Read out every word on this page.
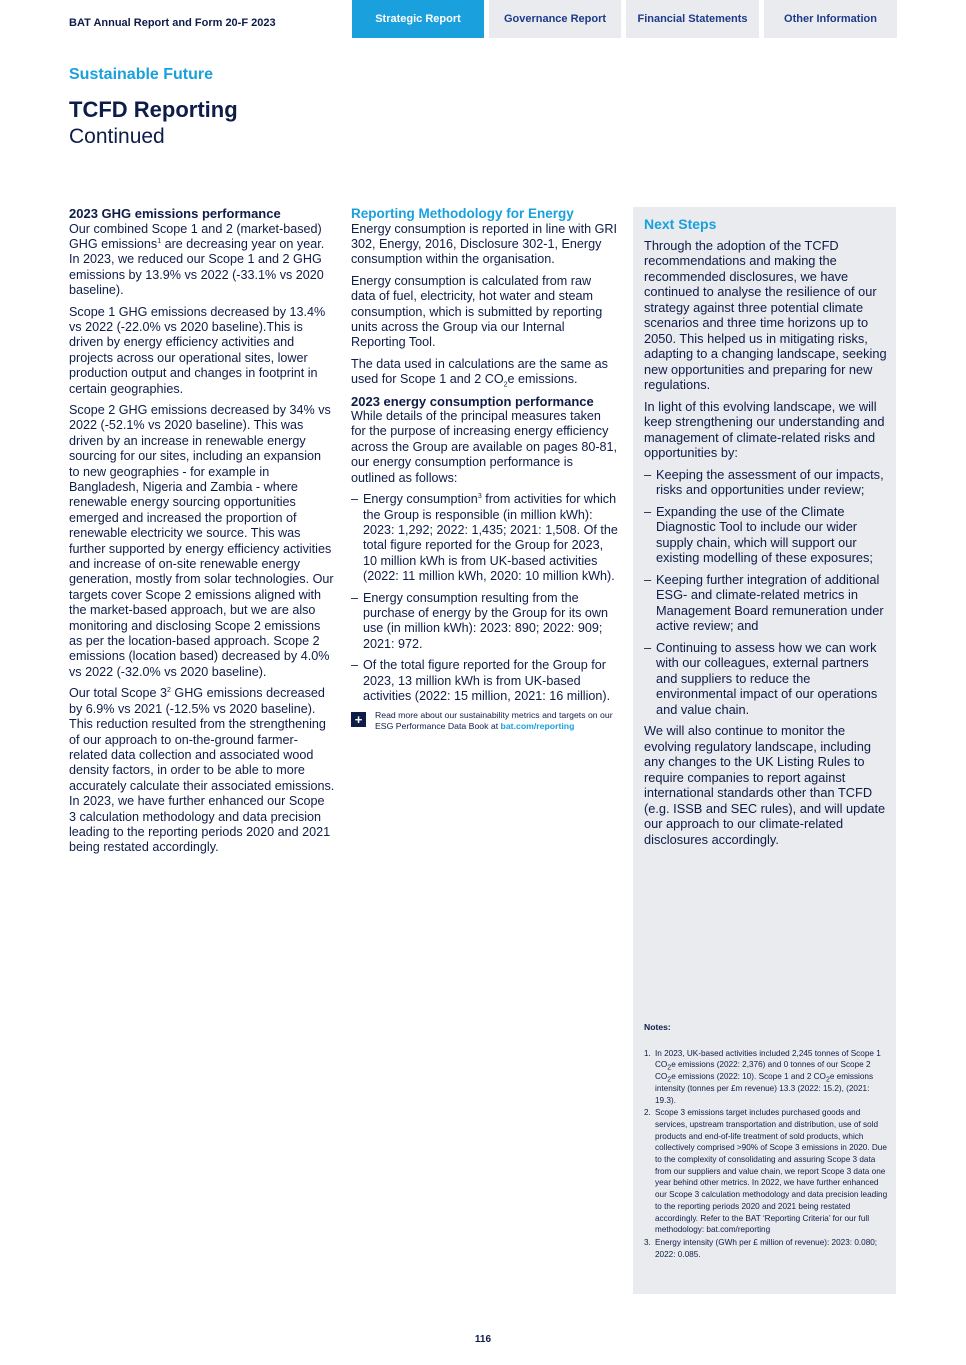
BAT Annual Report and Form 20-F 2023	Strategic Report	Governance Report	Financial Statements	Other Information
Sustainable Future
TCFD Reporting
Continued
2023 GHG emissions performance

Our combined Scope 1 and 2 (market-based) GHG emissions$^1$ are decreasing year on year. In 2023, we reduced our Scope 1 and 2 GHG emissions by 13.9% vs 2022 (-33.1% vs 2020 baseline).

Scope 1 GHG emissions decreased by 13.4% vs 2022 (-22.0% vs 2020 baseline).This is driven by energy efficiency activities and projects across our operational sites, lower production output and changes in footprint in certain geographies.

Scope 2 GHG emissions decreased by 34% vs 2022 (-52.1% vs 2020 baseline). This was driven by an increase in renewable energy sourcing for our sites, including an expansion to new geographies - for example in Bangladesh, Nigeria and Zambia - where renewable energy sourcing opportunities emerged and increased the proportion of renewable electricity we source. This was further supported by energy efficiency activities and increase of on-site renewable energy generation, mostly from solar technologies. Our targets cover Scope 2 emissions aligned with the market-based approach, but we are also monitoring and disclosing Scope 2 emissions as per the location-based approach. Scope 2 emissions (location based) decreased by 4.0% vs 2022 (-32.0% vs 2020 baseline).

Our total Scope $3^2$ GHG emissions decreased by 6.9% vs 2021 (-12.5% vs 2020 baseline). This reduction resulted from the strengthening of our approach to on-the-ground farmer-related data collection and associated wood density factors, in order to be able to more accurately calculate their associated emissions. In 2023, we have further enhanced our Scope 3 calculation methodology and data precision leading to the reporting periods 2020 and 2021 being restated accordingly.

Reporting Methodology for Energy

Energy consumption is reported in line with GRI 302, Energy, 2016, Disclosure 302-1, Energy consumption within the organisation.

Energy consumption is calculated from raw data of fuel, electricity, hot water and steam consumption, which is submitted by reporting units across the Group via our Internal Reporting Tool.

The data used in calculations are the same as used for Scope 1 and 2 $CO_2e$ emissions.

2023 energy consumption performance

While details of the principal measures taken for the purpose of increasing energy efficiency across the Group are available on pages 80-81, our energy consumption performance is outlined as follows:

– Energy consumption$^3$ from activities for which the Group is responsible (in million kWh): 2023: 1,292; 2022: 1,435; 2021: 1,508. Of the total figure reported for the Group for 2023, 10 million kWh is from UK-based activities (2022: 11 million kWh, 2020: 10 million kWh).
– Energy consumption resulting from the purchase of energy by the Group for its own use (in million kWh): 2023: 890; 2022: 909; 2021: 972.
– Of the total figure reported for the Group for 2023, 13 million kWh is from UK-based activities (2022: 15 million, 2021: 16 million).
+	Read more about our sustainability metrics and targets on our ESG Performance Data Book at bat.com/reporting
Next Steps

Through the adoption of the TCFD recommendations and making the recommended disclosures, we have continued to analyse the resilience of our strategy against three potential climate scenarios and three time horizons up to 2050. This helped us in mitigating risks, adapting to a changing landscape, seeking new opportunities and preparing for new regulations.

In light of this evolving landscape, we will keep strengthening our understanding and management of climate-related risks and opportunities by:

– Keeping the assessment of our impacts, risks and opportunities under review;
– Expanding the use of the Climate Diagnostic Tool to include our wider supply chain, which will support our existing modelling of these exposures;
– Keeping further integration of additional ESG- and climate-related metrics in Management Board remuneration under active review; and
– Continuing to assess how we can work with our colleagues, external partners and suppliers to reduce the environmental impact of our operations and value chain.

We will also continue to monitor the evolving regulatory landscape, including any changes to the UK Listing Rules to require companies to report against international standards other than TCFD (e.g. ISSB and SEC rules), and will update our approach to our climate-related disclosures accordingly.

Notes:
1. In 2023, UK-based activities included 2,245 tonnes of Scope 1 $CO_2e$ emissions (2022: 2,376) and 0 tonnes of our Scope 2 $CO_2e$ emissions (2022: 10). Scope 1 and 2 $CO_2e$ emissions intensity (tonnes per £m revenue) 13.3 (2022: 15.2), (2021: 19.3).
2. Scope 3 emissions target includes purchased goods and services, upstream transportation and distribution, use of sold products and end-of-life treatment of sold products, which collectively comprised >90% of Scope 3 emissions in 2020. Due to the complexity of consolidating and assuring Scope 3 data from our suppliers and value chain, we report Scope 3 data one year behind other metrics. In 2022, we have further enhanced our Scope 3 calculation methodology and data precision leading to the reporting periods 2020 and 2021 being restated accordingly. Refer to the BAT ‘Reporting Criteria’ for our full methodology: bat.com/reporting
3. Energy intensity (GWh per £ million of revenue): 2023: 0.080; 2022: 0.085.
116
